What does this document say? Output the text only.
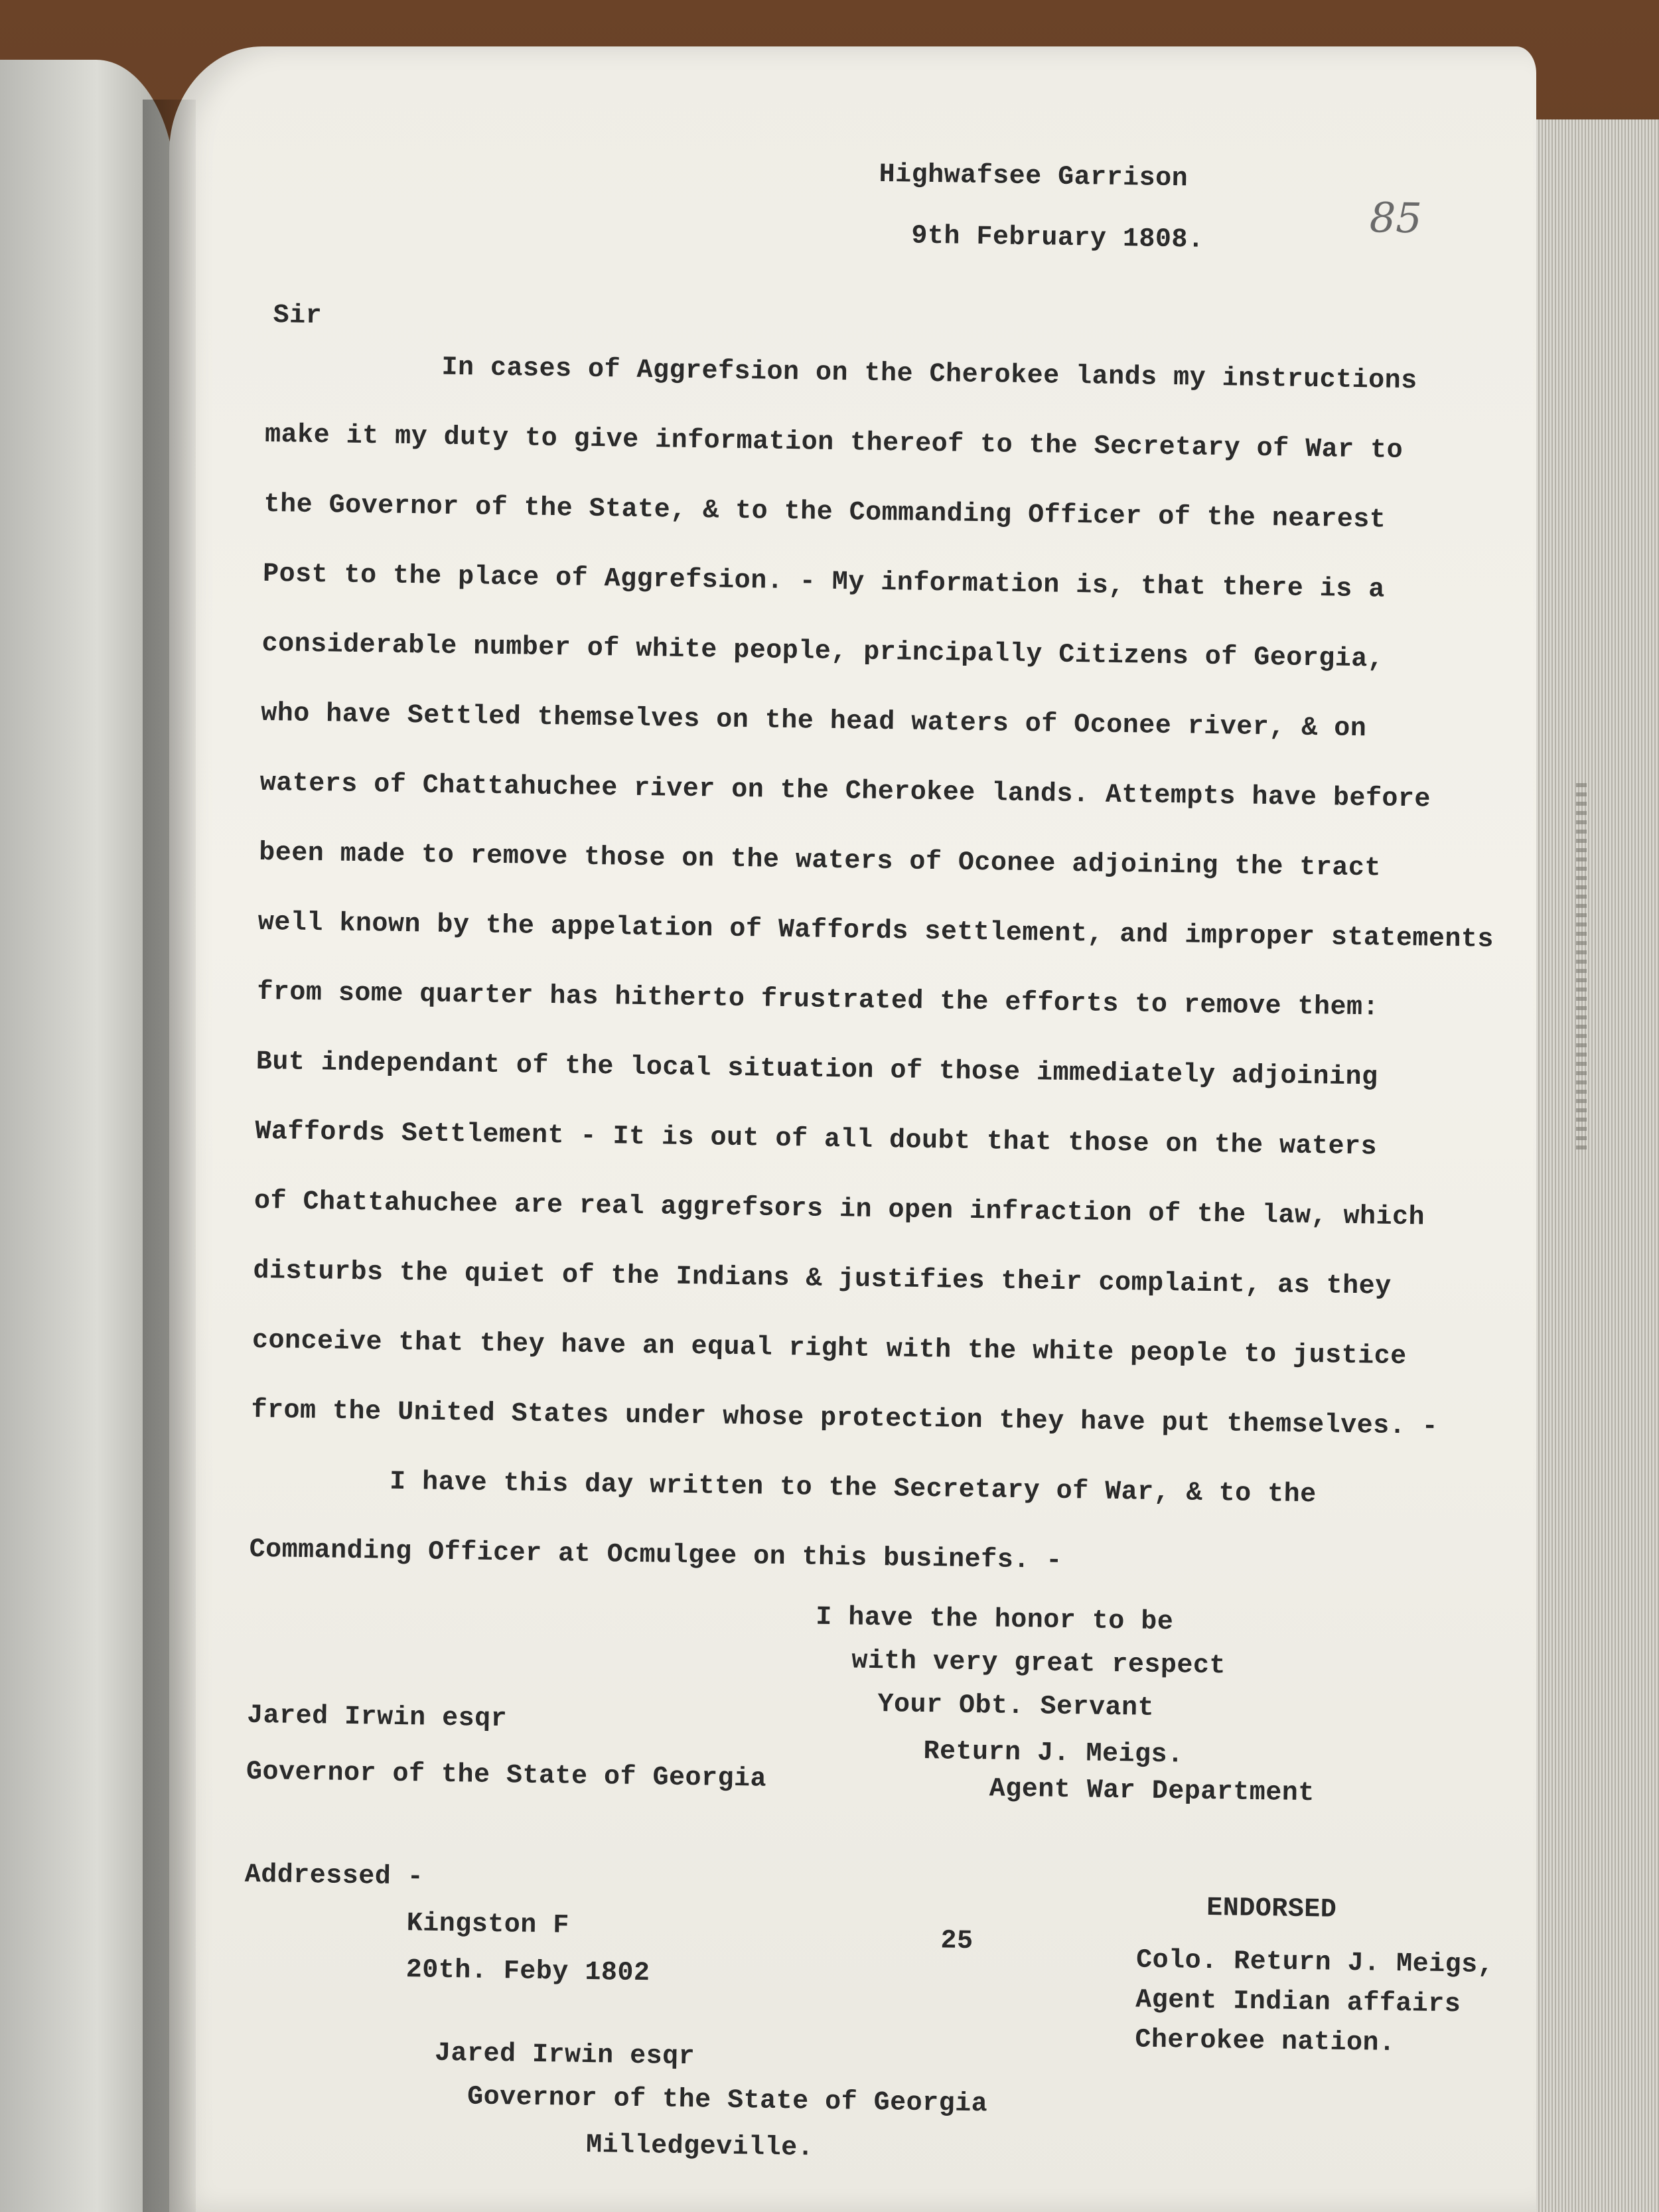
Highwafsee Garrison
9th February 1808.	85
Sir
In cases of Aggrefsion on the Cherokee lands my instructions
make it my duty to give information thereof to the Secretary of War to
the Governor of the State, & to the Commanding Officer of the nearest
Post to the place of Aggrefsion. - My information is, that there is a
considerable number of white people, principally Citizens of Georgia,
who have Settled themselves on the head waters of Oconee river, & on
waters of Chattahuchee river on the Cherokee lands. Attempts have before
been made to remove those on the waters of Oconee adjoining the tract
well known by the appelation of Waffords settlement, and improper statements
from some quarter has hitherto frustrated the efforts to remove them:
But independant of the local situation of those immediately adjoining
Waffords Settlement - It is out of all doubt that those on the waters
of Chattahuchee are real aggrefsors in open infraction of the law, which
disturbs the quiet of the Indians & justifies their complaint, as they
conceive that they have an equal right with the white people to justice
from the United States under whose protection they have put themselves. -
I have this day written to the Secretary of War, & to the
Commanding Officer at Ocmulgee on this businefs. -
I have the honor to be
with very great respect
Your Obt. Servant
Jared Irwin esqr
Return J. Meigs.
Governor of the State of Georgia	Agent War Department
Addressed -
ENDORSED
Kingston F
25
20th. Feby 1802	Colo. Return J. Meigs,
Agent Indian affairs
Cherokee nation.
Jared Irwin esqr
Governor of the State of Georgia
Milledgeville.
